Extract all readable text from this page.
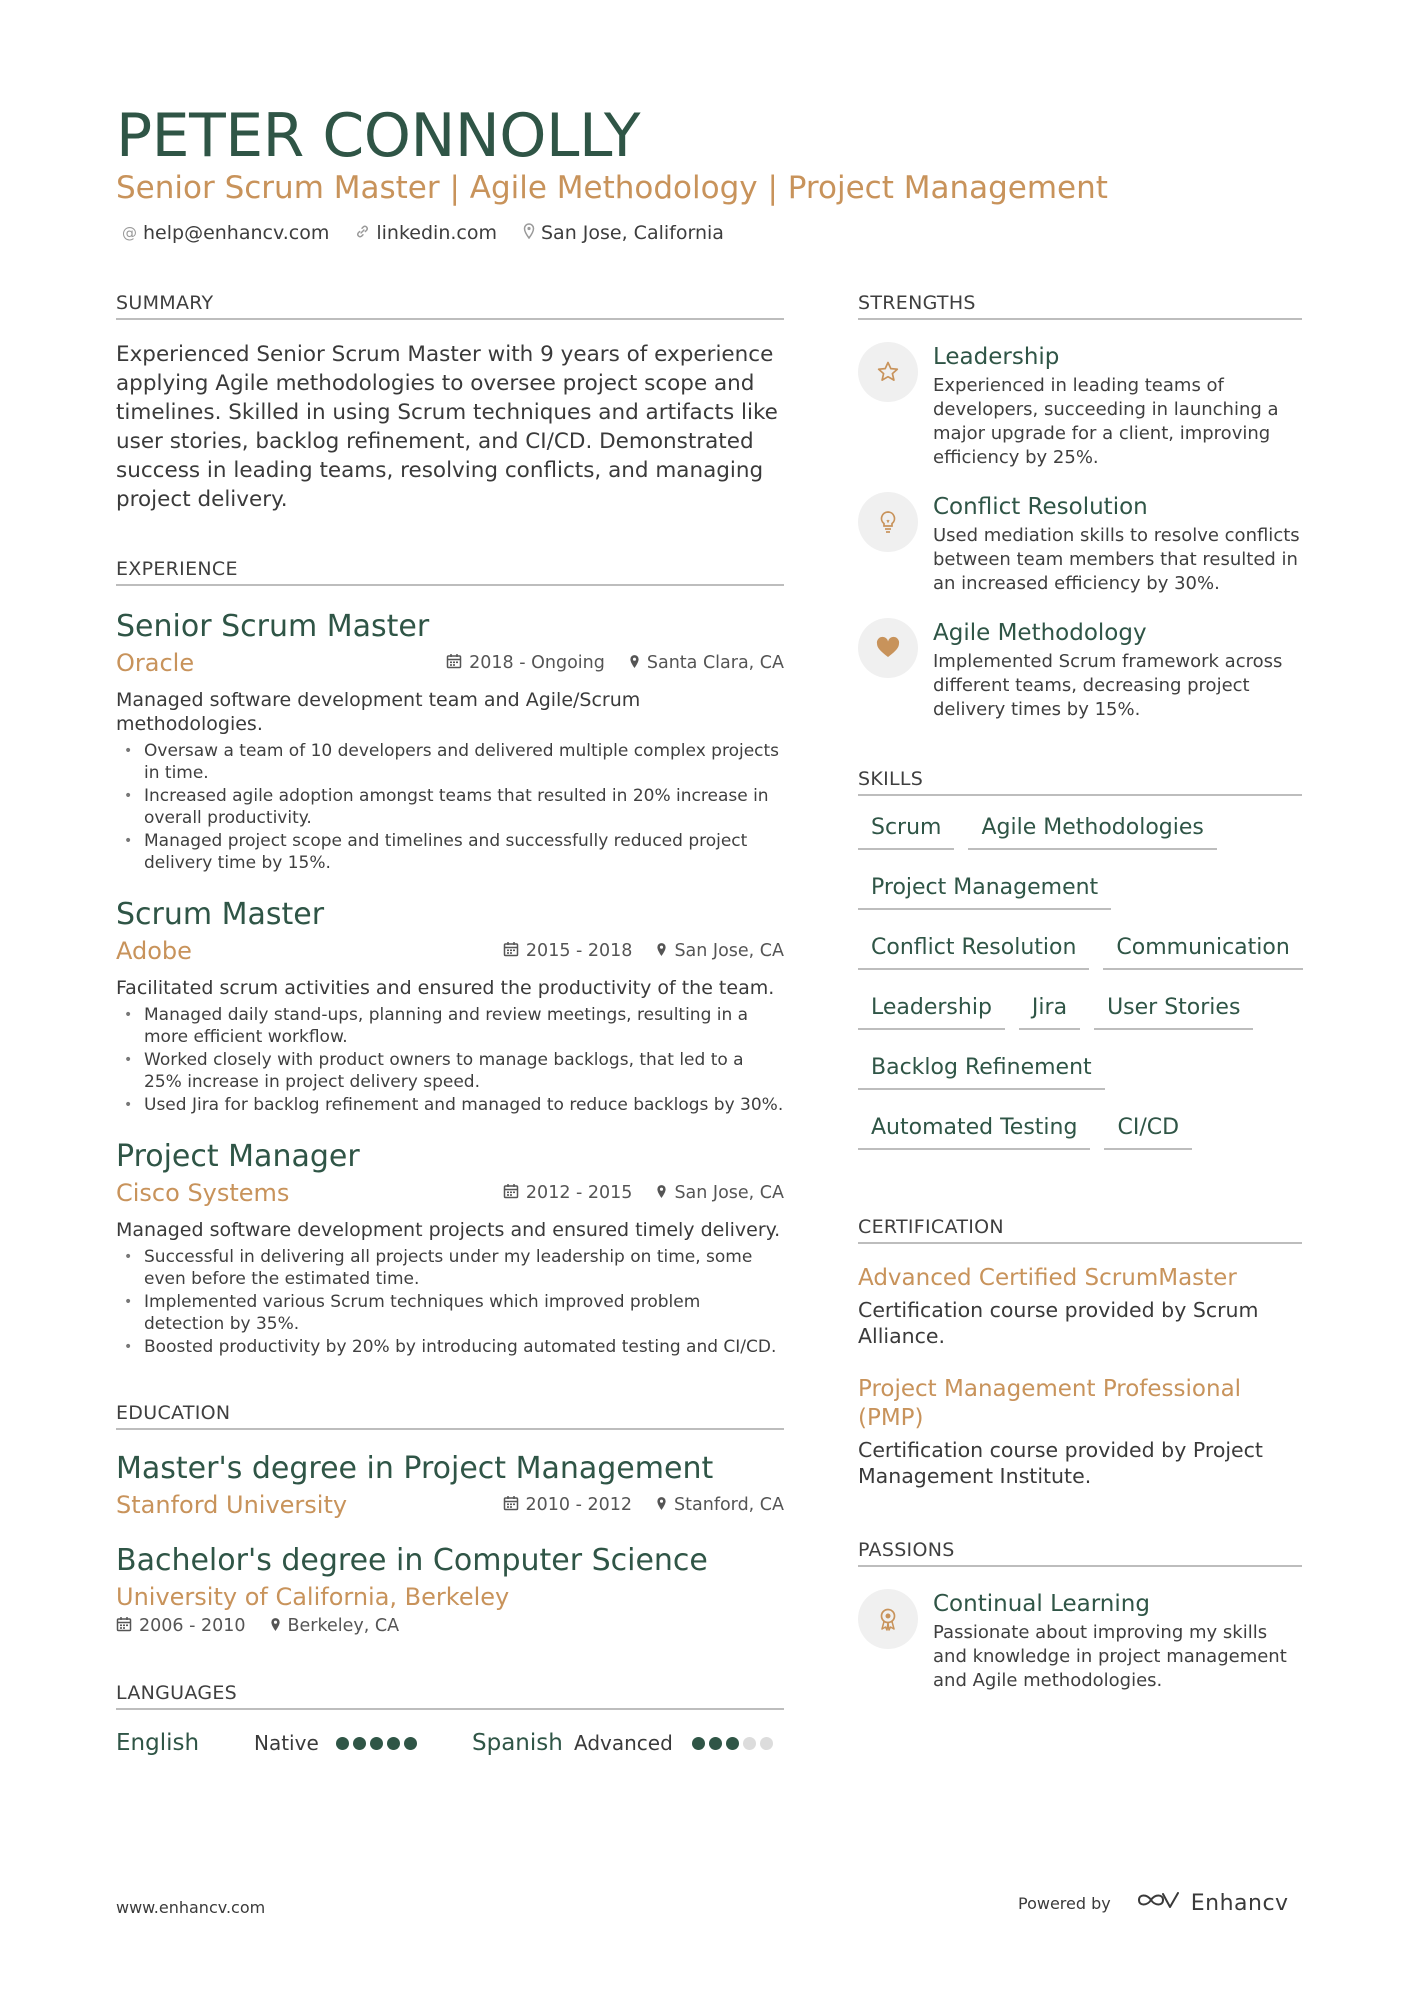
PETER CONNOLLY
Senior Scrum Master | Agile Methodology | Project Management
@ help@enhancv.com linkedin.com San Jose, California
SUMMARY

Experienced Senior Scrum Master with 9 years of experience applying Agile methodologies to oversee project scope and timelines. Skilled in using Scrum techniques and artifacts like user stories, backlog refinement, and CI/CD. Demonstrated success in leading teams, resolving conflicts, and managing project delivery.

EXPERIENCE
Senior Scrum Master
Oracle	2018 - Ongoing Santa Clara, CA
Managed software development team and Agile/Scrum methodologies.
• Oversaw a team of 10 developers and delivered multiple complex projects in time.
• Increased agile adoption amongst teams that resulted in 20% increase in overall productivity.
• Managed project scope and timelines and successfully reduced project delivery time by 15%.
Scrum Master
Adobe	2015 - 2018 San Jose, CA
Facilitated scrum activities and ensured the productivity of the team.
• Managed daily stand-ups, planning and review meetings, resulting in a more efficient workflow.
• Worked closely with product owners to manage backlogs, that led to a 25% increase in project delivery speed.
• Used Jira for backlog refinement and managed to reduce backlogs by 30%.
Project Manager
Cisco Systems	2012 - 2015 San Jose, CA
Managed software development projects and ensured timely delivery.
• Successful in delivering all projects under my leadership on time, some even before the estimated time.
• Implemented various Scrum techniques which improved problem detection by 35%.
• Boosted productivity by 20% by introducing automated testing and CI/CD.
EDUCATION
Master's degree in Project Management
Stanford University	2010 - 2012 Stanford, CA
Bachelor's degree in Computer Science
University of California, Berkeley
2006 - 2010 Berkeley, CA
LANGUAGES
English	Native	Spanish Advanced
STRENGTHS
Leadership
Experienced in leading teams of developers, succeeding in launching a major upgrade for a client, improving efficiency by 25%.
Conflict Resolution
Used mediation skills to resolve conflicts between team members that resulted in an increased efficiency by 30%.
Agile Methodology
Implemented Scrum framework across different teams, decreasing project delivery times by 15%.
SKILLS
Scrum	Agile Methodologies
Project Management
Conflict Resolution	Communication
Leadership	Jira	User Stories
Backlog Refinement
Automated Testing	CI/CD
CERTIFICATION
Advanced Certified ScrumMaster
Certification course provided by Scrum Alliance.
Project Management Professional (PMP)
Certification course provided by Project Management Institute.
PASSIONS
Continual Learning
Passionate about improving my skills and knowledge in project management and Agile methodologies.
www.enhancv.com	Powered by	Enhancv
